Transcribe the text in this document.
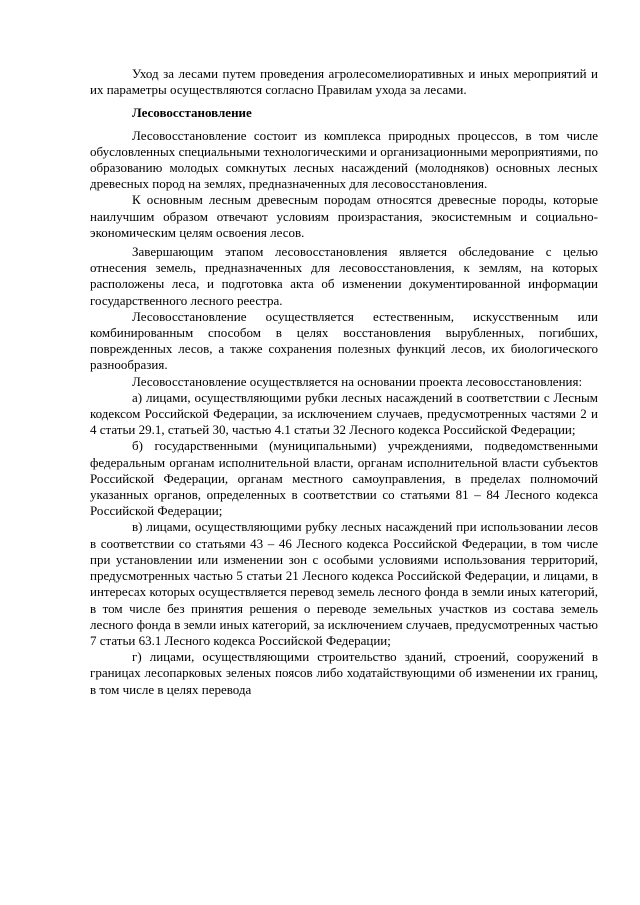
Уход за лесами путем проведения агролесомелиоративных и иных мероприятий и их параметры осуществляются согласно Правилам ухода за лесами.

Лесовосстановление

Лесовосстановление состоит из комплекса природных процессов, в том числе обусловленных специальными технологическими и организационными мероприятиями, по образованию молодых сомкнутых лесных насаждений (молодняков) основных лесных древесных пород на землях, предназначенных для лесовосстановления.

К основным лесным древесным породам относятся древесные породы, которые наилучшим образом отвечают условиям произрастания, экосистемным и социально-экономическим целям освоения лесов.

Завершающим этапом лесовосстановления является обследование с целью отнесения земель, предназначенных для лесовосстановления, к землям, на которых расположены леса, и подготовка акта об изменении документированной информации государственного лесного реестра.

Лесовосстановление осуществляется естественным, искусственным или комбинированным способом в целях восстановления вырубленных, погибших, поврежденных лесов, а также сохранения полезных функций лесов, их биологического разнообразия.

Лесовосстановление осуществляется на основании проекта лесовосстановления:

а) лицами, осуществляющими рубки лесных насаждений в соответствии с Лесным кодексом Российской Федерации, за исключением случаев, предусмотренных частями 2 и 4 статьи 29.1, статьей 30, частью 4.1 статьи 32 Лесного кодекса Российской Федерации;

б) государственными (муниципальными) учреждениями, подведомственными федеральным органам исполнительной власти, органам исполнительной власти субъектов Российской Федерации, органам местного самоуправления, в пределах полномочий указанных органов, определенных в соответствии со статьями 81 – 84 Лесного кодекса Российской Федерации;

в) лицами, осуществляющими рубку лесных насаждений при использовании лесов в соответствии со статьями 43 – 46 Лесного кодекса Российской Федерации, в том числе при установлении или изменении зон с особыми условиями использования территорий, предусмотренных частью 5 статьи 21 Лесного кодекса Российской Федерации, и лицами, в интересах которых осуществляется перевод земель лесного фонда в земли иных категорий, в том числе без принятия решения о переводе земельных участков из состава земель лесного фонда в земли иных категорий, за исключением случаев, предусмотренных частью 7 статьи 63.1 Лесного кодекса Российской Федерации;

г) лицами, осуществляющими строительство зданий, строений, сооружений в границах лесопарковых зеленых поясов либо ходатайствующими об изменении их границ, в том числе в целях перевода
